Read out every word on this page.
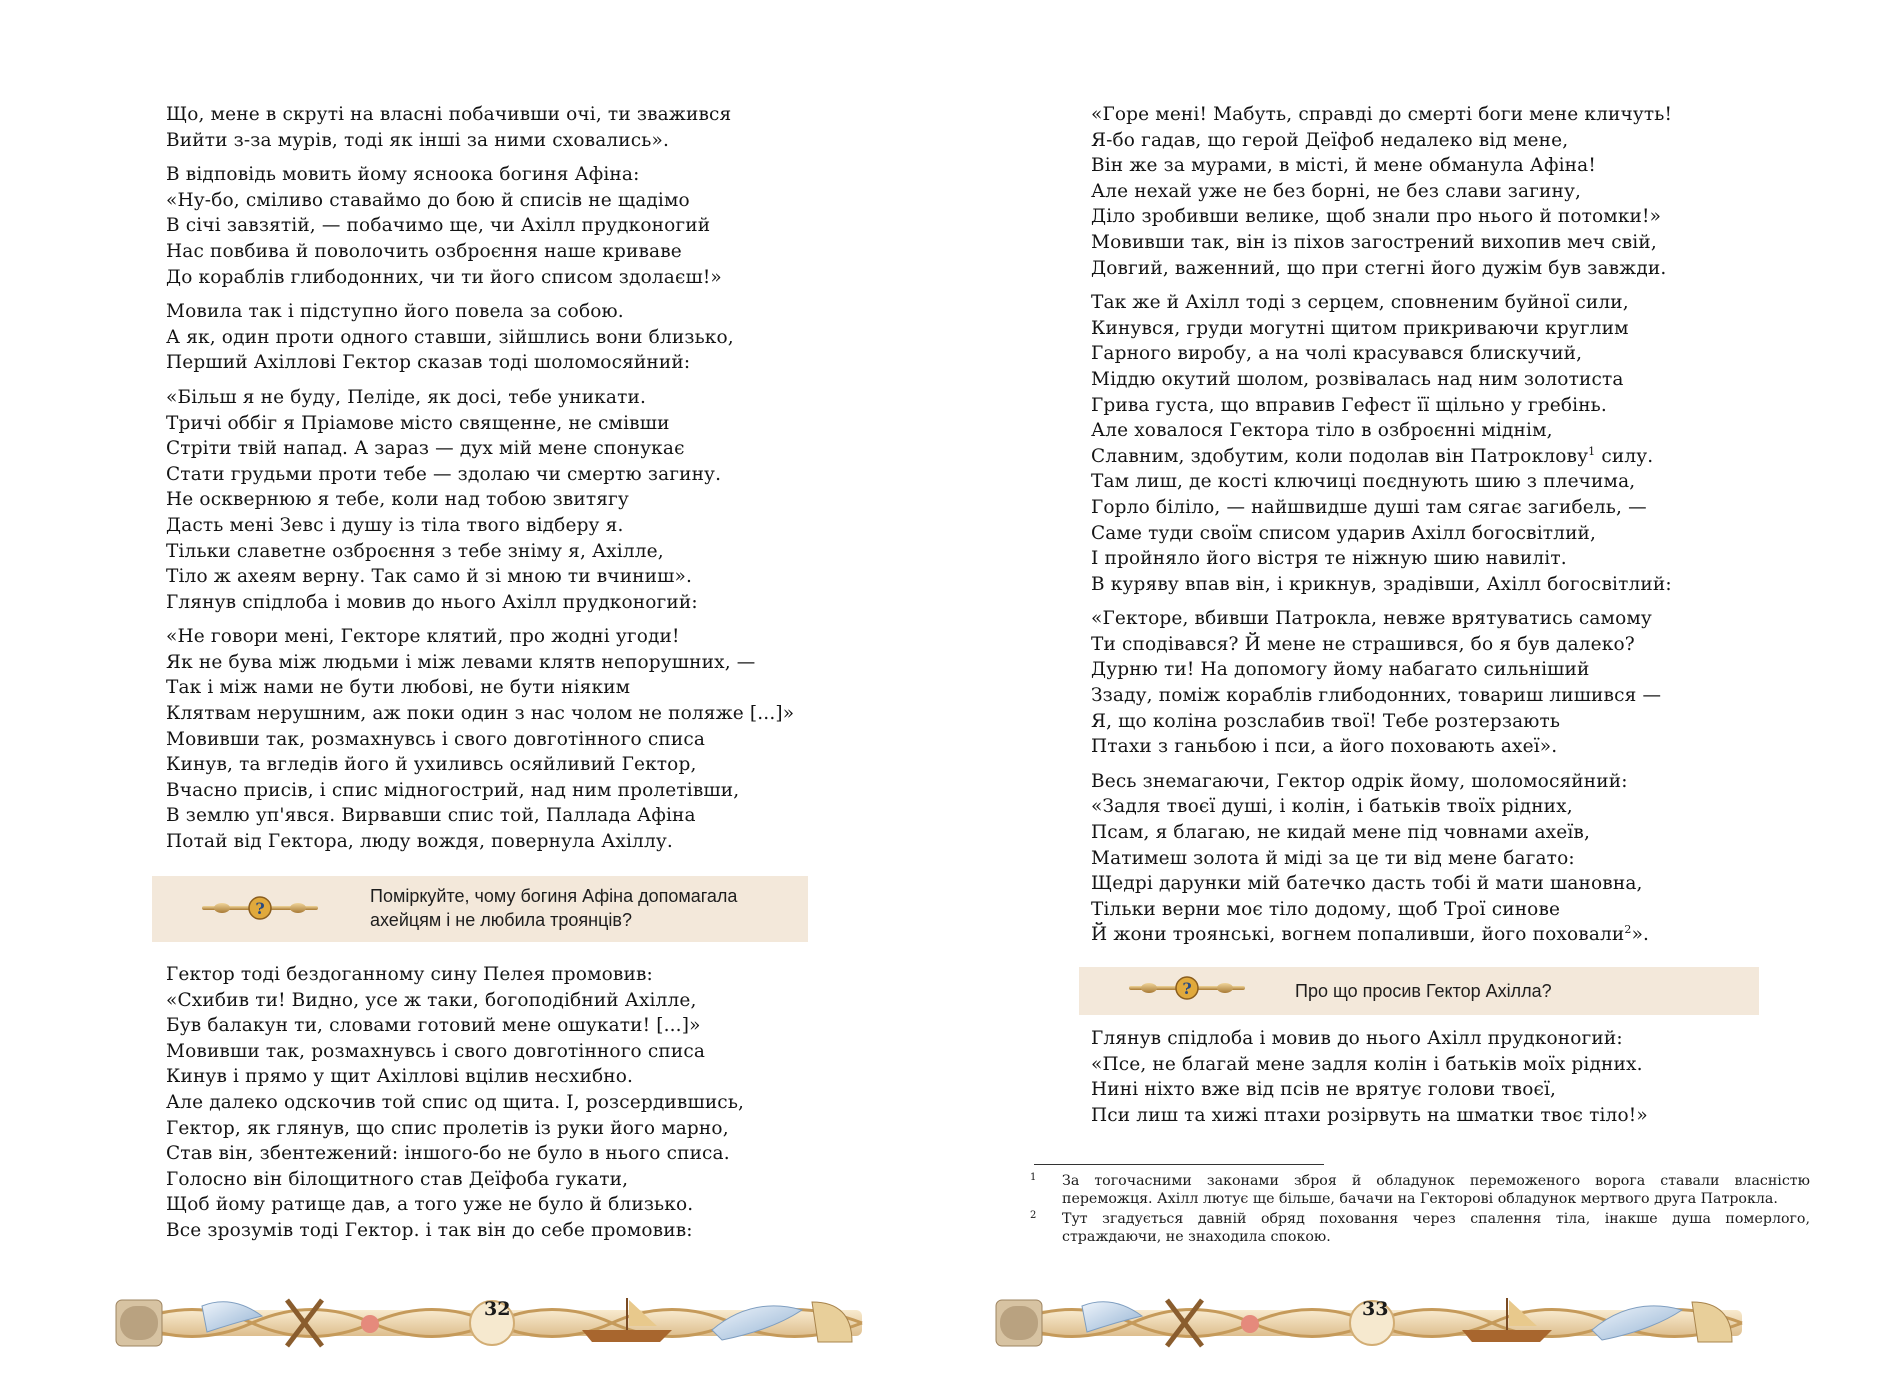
Що, мене в скруті на власні побачивши очі, ти зважився
Вийти з-за мурів, тоді як інші за ними сховались».
В відповідь мовить йому ясноока богиня Афіна:
«Ну-бо, сміливо ставаймо до бою й списів не щадімо
В січі завзятій, — побачимо ще, чи Ахілл прудконогий
Нас повбива й поволочить озброєння наше криваве
До кораблів глибодонних, чи ти його списом здолаєш!»
Мовила так і підступно його повела за собою.
А як, один проти одного ставши, зійшлись вони близько,
Перший Ахіллові Гектор сказав тоді шоломосяйний:
«Більш я не буду, Пеліде, як досі, тебе уникати.
Тричі оббіг я Пріамове місто священне, не смівши
Стріти твій напад. А зараз — дух мій мене спонукає
Стати грудьми проти тебе — здолаю чи смертю загину.
Не осквернюю я тебе, коли над тобою звитягу
Дасть мені Зевс і душу із тіла твого відберу я.
Тільки славетне озброєння з тебе зніму я, Ахілле,
Тіло ж ахеям верну. Так само й зі мною ти вчиниш».
Глянув спідлоба і мовив до нього Ахілл прудконогий:
«Не говори мені, Гекторе клятий, про жодні угоди!
Як не бува між людьми і між левами клятв непорушних, —
Так і між нами не бути любові, не бути ніяким
Клятвам нерушним, аж поки один з нас чолом не поляже [...]»
Мовивши так, розмахнувсь і свого довготінного списа
Кинув, та вгледів його й ухиливсь осяйливий Гектор,
Вчасно присів, і спис мідногострий, над ним пролетівши,
В землю уп'явся. Вирвавши спис той, Паллада Афіна
Потай від Гектора, люду вождя, повернула Ахіллу.
?
Поміркуйте, чому богиня Афіна допомагала ахейцям і не любила троянців?
Гектор тоді бездоганному сину Пелея промовив:
«Схибив ти! Видно, усе ж таки, богоподібний Ахілле,
Був балакун ти, словами готовий мене ошукати! [...]»
Мовивши так, розмахнувсь і свого довготінного списа
Кинув і прямо у щит Ахіллові вцілив несхибно.
Але далеко одскочив той спис од щита. І, розсердившись,
Гектор, як глянув, що спис пролетів із руки його марно,
Став він, збентежений: іншого-бо не було в нього списа.
Голосно він білощитного став Деїфоба гукати,
Щоб йому ратище дав, а того уже не було й близько.
Все зрозумів тоді Гектор. і так він до себе промовив:
32
«Горе мені! Мабуть, справді до смерті боги мене кличуть!
Я-бо гадав, що герой Деїфоб недалеко від мене,
Він же за мурами, в місті, й мене обманула Афіна!
Але нехай уже не без борні, не без слави загину,
Діло зробивши велике, щоб знали про нього й потомки!»
Мовивши так, він із піхов загострений вихопив меч свій,
Довгий, важенний, що при стегні його дужім був завжди.
Так же й Ахілл тоді з серцем, сповненим буйної сили,
Кинувся, груди могутні щитом прикриваючи круглим
Гарного виробу, а на чолі красувався блискучий,
Міддю окутий шолом, розвівалась над ним золотиста
Грива густа, що вправив Гефест її щільно у гребінь.
Але ховалося Гектора тіло в озброєнні міднім,
Славним, здобутим, коли подолав він Патроклову$^1$ силу.
Там лиш, де кості ключиці поєднують шию з плечима,
Горло біліло, — найшвидше душі там сягає загибель, —
Саме туди своїм списом ударив Ахілл богосвітлий,
І пройняло його вістря те ніжную шию навиліт.
В куряву впав він, і крикнув, зрадівши, Ахілл богосвітлий:
«Гекторе, вбивши Патрокла, невже врятуватись самому
Ти сподівався? Й мене не страшився, бо я був далеко?
Дурню ти! На допомогу йому набагато сильніший
Ззаду, поміж кораблів глибодонних, товариш лишився —
Я, що коліна розслабив твої! Тебе розтерзають
Птахи з ганьбою і пси, а його поховають ахеї».
Весь знемагаючи, Гектор одрік йому, шоломосяйний:
«Задля твоєї душі, і колін, і батьків твоїх рідних,
Псам, я благаю, не кидай мене під човнами ахеїв,
Матимеш золота й міді за це ти від мене багато:
Щедрі дарунки мій батечко дасть тобі й мати шановна,
Тільки верни моє тіло додому, щоб Трої синове
Й жони троянські, вогнем попаливши, його поховали$^2$».
?	Про що просив Гектор Ахілла?
Глянув спідлоба і мовив до нього Ахілл прудконогий:
«Псе, не благай мене задля колін і батьків моїх рідних.
Нині ніхто вже від псів не врятує голови твоєї,
Пси лиш та хижі птахи розірвуть на шматки твоє тіло!»
33
1 За тогочасними законами зброя й обладунок переможеного ворога ставали власністю переможця. Ахілл лютує ще більше, бачачи на Гекторові обладунок мертвого друга Патрокла.
2 Тут згадується давній обряд поховання через спалення тіла, інакше душа померлого, страждаючи, не знаходила спокою.
